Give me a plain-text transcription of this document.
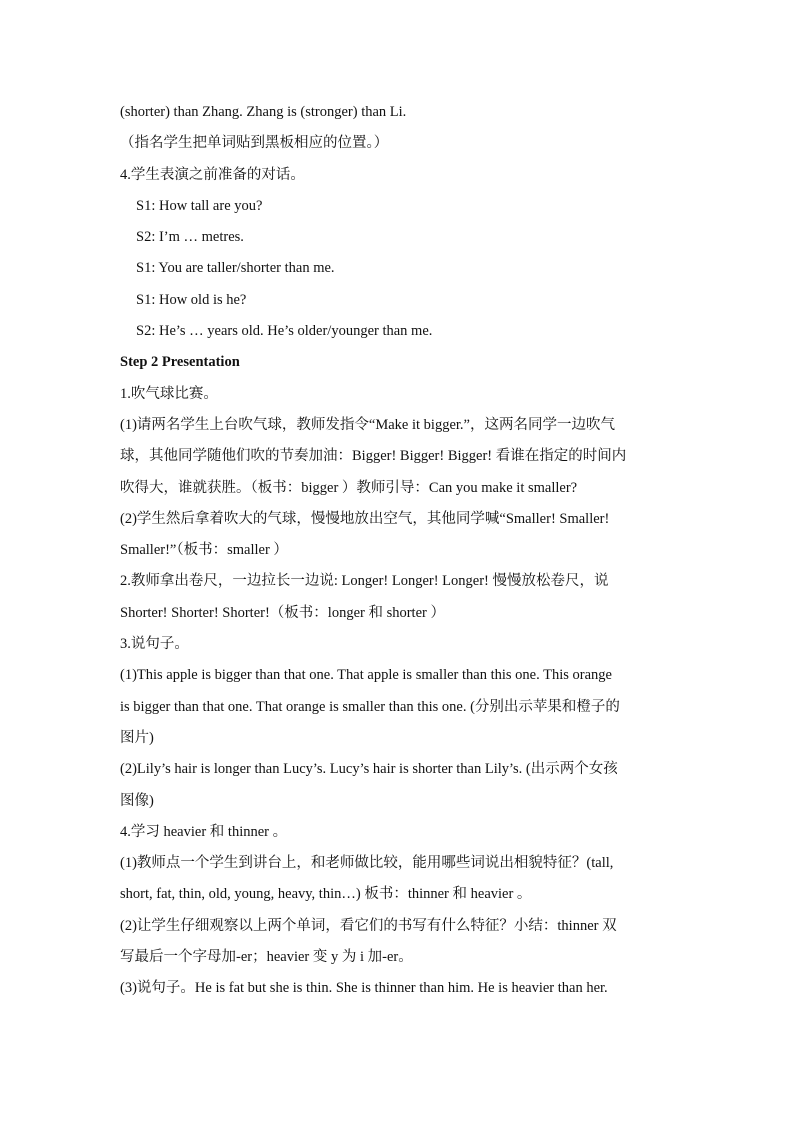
(shorter) than Zhang. Zhang is (stronger) than Li.
（指名学生把单词贴到黑板相应的位置。）
4.学生表演之前准备的对话。
S1: How tall are you?
S2: I’m … metres.
S1: You are taller/shorter than me.
S1: How old is he?
S2: He’s … years old. He’s older/younger than me.
Step 2 Presentation
1.吹气球比赛。
(1)请两名学生上台吹气球，教师发指令“Make it bigger.”，这两名同学一边吹气
球，其他同学随他们吹的节奏加油：Bigger! Bigger! Bigger! 看谁在指定的时间内
吹得大，谁就获胜。（板书：bigger ）教师引导：Can you make it smaller?
(2)学生然后拿着吹大的气球，慢慢地放出空气，其他同学喊“Smaller! Smaller!
Smaller!”（板书：smaller ）
2.教师拿出卷尺，一边拉长一边说: Longer! Longer! Longer! 慢慢放松卷尺，说
Shorter! Shorter! Shorter!（板书：longer 和 shorter ）
3.说句子。
(1)This apple is bigger than that one. That apple is smaller than this one. This orange
is bigger than that one. That orange is smaller than this one. (分别出示苹果和橙子的
图片)
(2)Lily’s hair is longer than Lucy’s. Lucy’s hair is shorter than Lily’s. (出示两个女孩
图像)
4.学习 heavier 和 thinner 。
(1)教师点一个学生到讲台上，和老师做比较，能用哪些词说出相貌特征？(tall,
short, fat, thin, old, young, heavy, thin…) 板书：thinner 和 heavier 。
(2)让学生仔细观察以上两个单词，看它们的书写有什么特征？小结：thinner 双
写最后一个字母加-er；heavier 变 y 为 i 加-er。
(3)说句子。He is fat but she is thin. She is thinner than him. He is heavier than her.
